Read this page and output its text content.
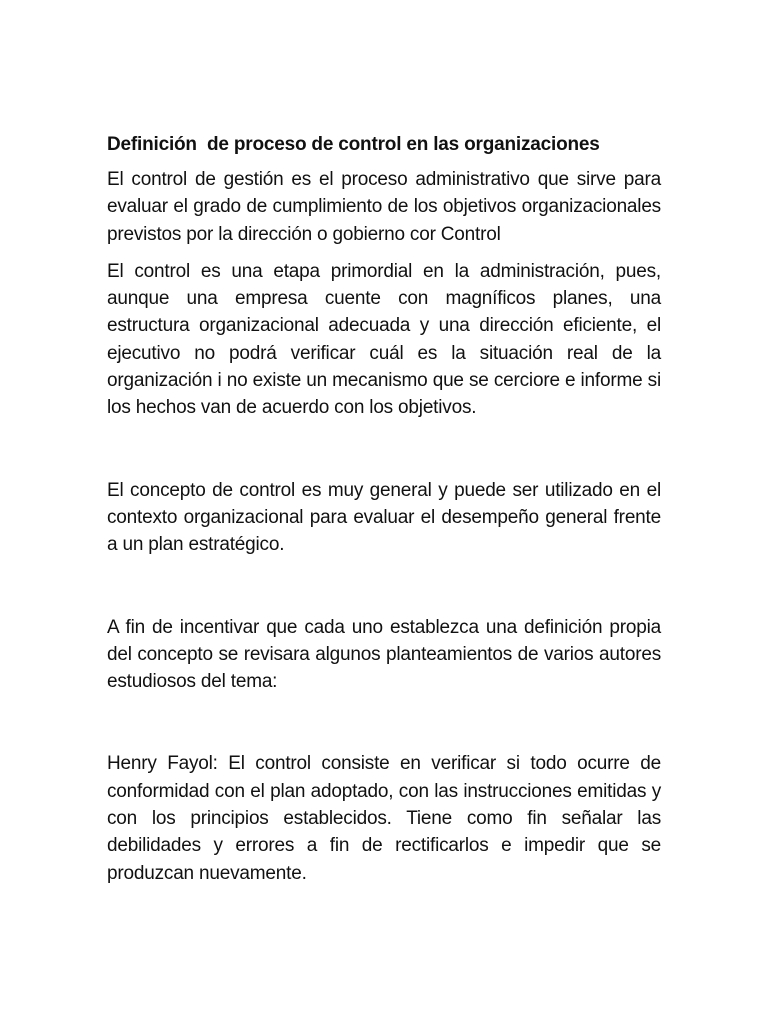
Definición  de proceso de control en las organizaciones

El control de gestión es el proceso administrativo que sirve para evaluar el grado de cumplimiento de los objetivos organizacionales previstos por la dirección o gobierno cor Control

El control es una etapa primordial en la administración, pues, aunque una empresa cuente con magníficos planes, una estructura organizacional adecuada y una dirección eficiente, el ejecutivo no podrá verificar cuál es la situación real de la organización i no existe un mecanismo que se cerciore e informe si los hechos van de acuerdo con los objetivos.

El concepto de control es muy general y puede ser utilizado en el contexto organizacional para evaluar el desempeño general frente a un plan estratégico.

A fin de incentivar que cada uno establezca una definición propia del concepto se revisara algunos planteamientos de varios autores estudiosos del tema:

Henry Fayol: El control consiste en verificar si todo ocurre de conformidad con el plan adoptado, con las instrucciones emitidas y con los principios establecidos. Tiene como fin señalar las debilidades y errores a fin de rectificarlos e impedir que se produzcan nuevamente.
